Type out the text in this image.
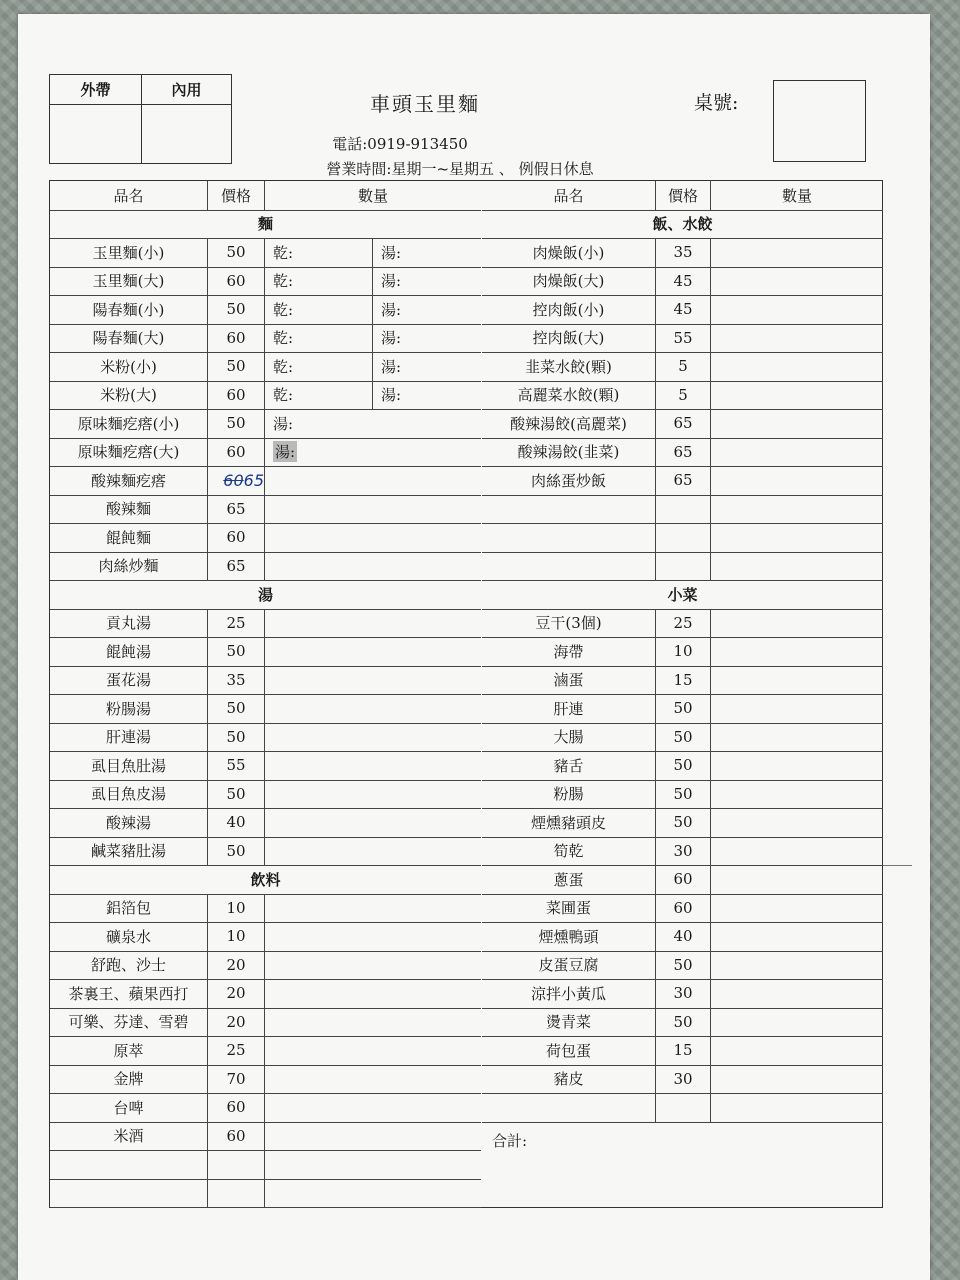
外帶	內用
車頭玉里麵
電話:0919-913450
營業時間:星期一~星期五 、 例假日休息
桌號:
品名	價格	數量
麵
玉里麵(小)	50	乾:	湯:
玉里麵(大)	60	乾:	湯:
陽春麵(小)	50	乾:	湯:
陽春麵(大)	60	乾:	湯:
米粉(小)	50	乾:	湯:
米粉(大)	60	乾:	湯:
原味麵疙瘩(小)	50	湯:
原味麵疙瘩(大)	60	湯:
酸辣麵疙瘩	60 65
酸辣麵	65
餛飩麵	60
肉絲炒麵	65
湯
貢丸湯	25
餛飩湯	50
蛋花湯	35
粉腸湯	50
肝連湯	50
虱目魚肚湯	55
虱目魚皮湯	50
酸辣湯	40
鹹菜豬肚湯	50
飲料
鋁箔包	10
礦泉水	10
舒跑、沙士	20
茶裏王、蘋果西打	20
可樂、芬達、雪碧	20
原萃	25
金牌	70
台啤	60
米酒	60
品名	價格	數量
飯、水餃
肉燥飯(小)	35
肉燥飯(大)	45
控肉飯(小)	45
控肉飯(大)	55
韭菜水餃(顆)	5
高麗菜水餃(顆)	5
酸辣湯餃(高麗菜)	65
酸辣湯餃(韭菜)	65
肉絲蛋炒飯	65
小菜
豆干(3個)	25
海帶	10
滷蛋	15
肝連	50
大腸	50
豬舌	50
粉腸	50
煙燻豬頭皮	50
筍乾	30
蔥蛋	60
菜圃蛋	60
煙燻鴨頭	40
皮蛋豆腐	50
涼拌小黃瓜	30
燙青菜	50
荷包蛋	15
豬皮	30
合計:
